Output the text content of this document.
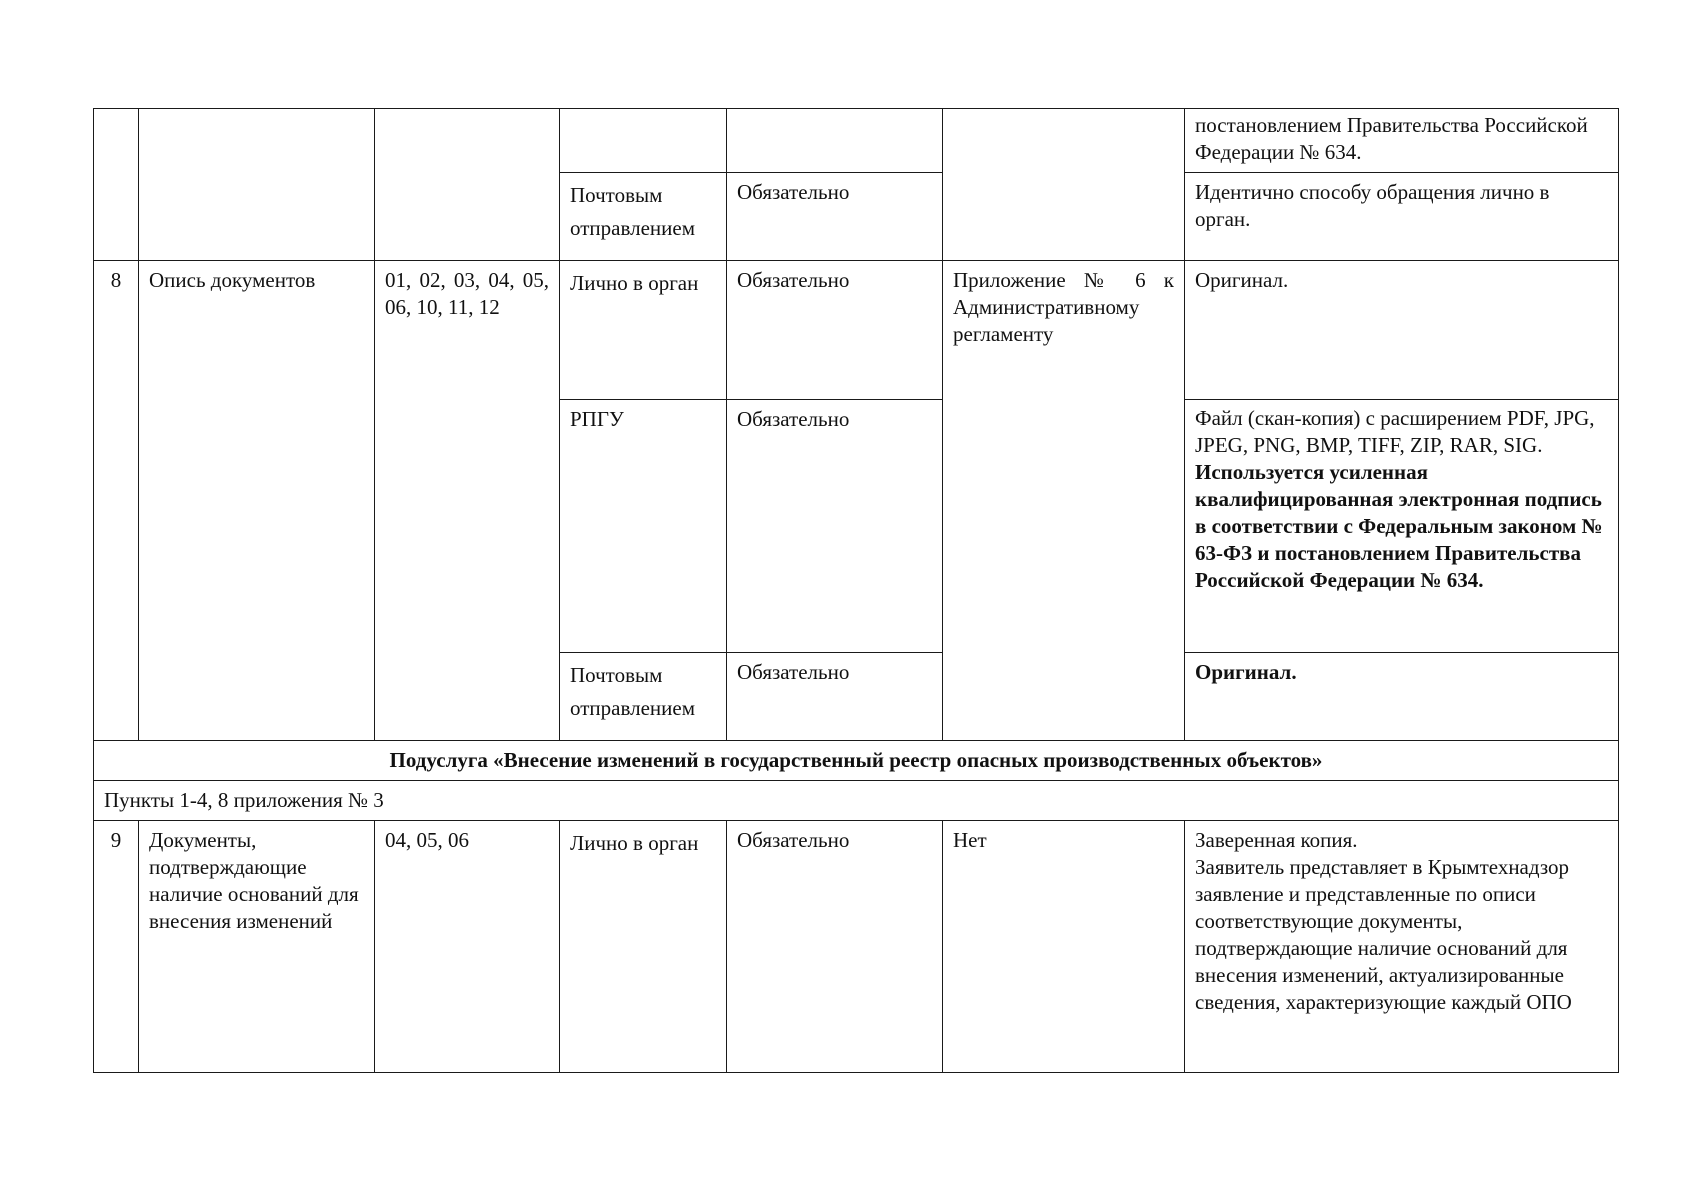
						постановлением Правительства Российской Федерации № 634.
			Почтовым отправлением	Обязательно		Идентично способу обращения лично в орган.
8	Опись документов	01, 02, 03, 04, 05, 06, 10, 11, 12	Лично в орган	Обязательно	Приложение № 6 к Административному регламенту	Оригинал.
			РПГУ	Обязательно		Файл (скан-копия) с расширением PDF, JPG, JPEG, PNG, BMP, TIFF, ZIP, RAR, SIG.
Используется усиленная квалифицированная электронная подпись в соответствии с Федеральным законом № 63-ФЗ и постановлением Правительства Российской Федерации № 634.

			Почтовым отправлением	Обязательно		Оригинал.
Подуслуга «Внесение изменений в государственный реестр опасных производственных объектов»						
Пункты 1-4, 8 приложения № 3						
9	Документы, подтверждающие наличие оснований для внесения изменений	04, 05, 06	Лично в орган	Обязательно	Нет	Заверенная копия.
Заявитель представляет в Крымтехнадзор заявление и представленные по описи соответствующие документы, подтверждающие наличие оснований для внесения изменений, актуализированные сведения, характеризующие каждый ОПО
